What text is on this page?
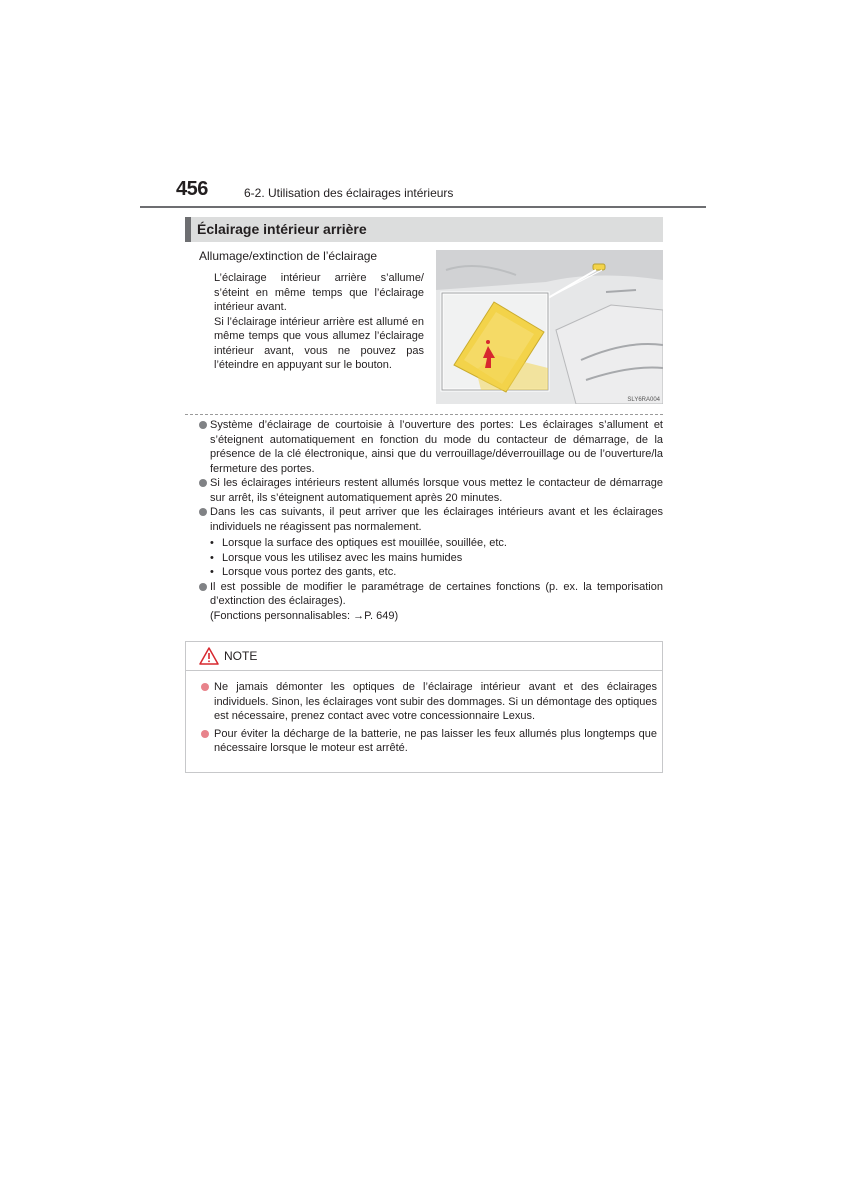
456	6-2. Utilisation des éclairages intérieurs
Éclairage intérieur arrière
Allumage/extinction de l’éclairage

L’éclairage intérieur arrière s’allume/ s’éteint en même temps que l’éclairage intérieur avant.

Si l’éclairage intérieur arrière est allumé en même temps que vous allumez l’éclairage intérieur avant, vous ne pouvez pas l’éteindre en appuyant sur le bouton.

SLY6RA004
Système d’éclairage de courtoisie à l’ouverture des portes: Les éclairages s’allument et s’éteignent automatiquement en fonction du mode du contacteur de démarrage, de la présence de la clé électronique, ainsi que du verrouillage/déverrouillage ou de l’ouverture/la fermeture des portes.
Si les éclairages intérieurs restent allumés lorsque vous mettez le contacteur de démarrage sur arrêt, ils s’éteignent automatiquement après 20 minutes.
Dans les cas suivants, il peut arriver que les éclairages intérieurs avant et les éclairages individuels ne réagissent pas normalement.
• Lorsque la surface des optiques est mouillée, souillée, etc.
• Lorsque vous les utilisez avec les mains humides
• Lorsque vous portez des gants, etc.
Il est possible de modifier le paramétrage de certaines fonctions (p. ex. la temporisation d’extinction des éclairages).
(Fonctions personnalisables: →P. 649)
NOTE
Ne jamais démonter les optiques de l’éclairage intérieur avant et des éclairages individuels. Sinon, les éclairages vont subir des dommages. Si un démontage des optiques est nécessaire, prenez contact avec votre concessionnaire Lexus.
Pour éviter la décharge de la batterie, ne pas laisser les feux allumés plus longtemps que nécessaire lorsque le moteur est arrêté.
